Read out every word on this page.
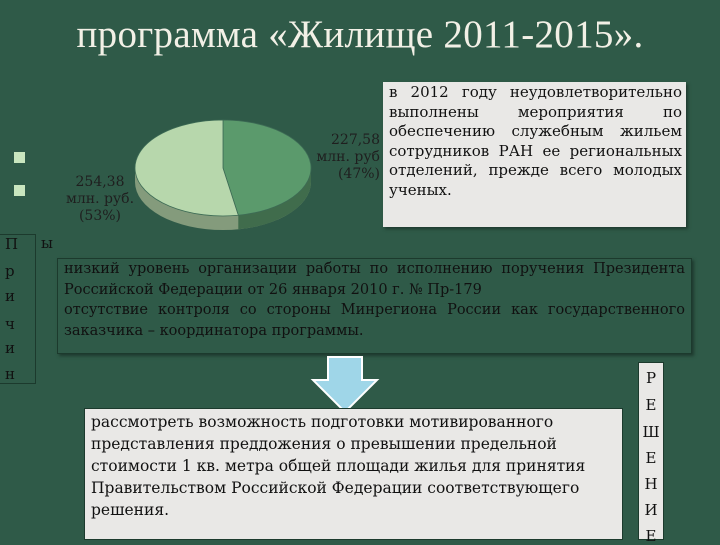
программа «Жилище 2011-2015».
254,38
млн. руб.
(53%)
227,58
млн. руб
(47%)

в 2012 году неудовлетворительно выполнены мероприятия по обеспечению служебным жильем сотрудников РАН ее региональных отделений, прежде всего молодых ученых.

П
р
и
ч
и
н
ы

низкий уровень организации работы по исполнению поручения Президента Российской Федерации от 26 января 2010 г. № Пр-179

отсутствие контроля со стороны Минрегиона России как государственного заказчика – координатора программы.

рассмотреть возможность подготовки мотивированного представления преддожения о превышении предельной стоимости 1 кв. метра общей площади жилья для принятия Правительством Российской Федерации соответствующего решения.

Р
Е
Ш
Е
Н
И
Е
